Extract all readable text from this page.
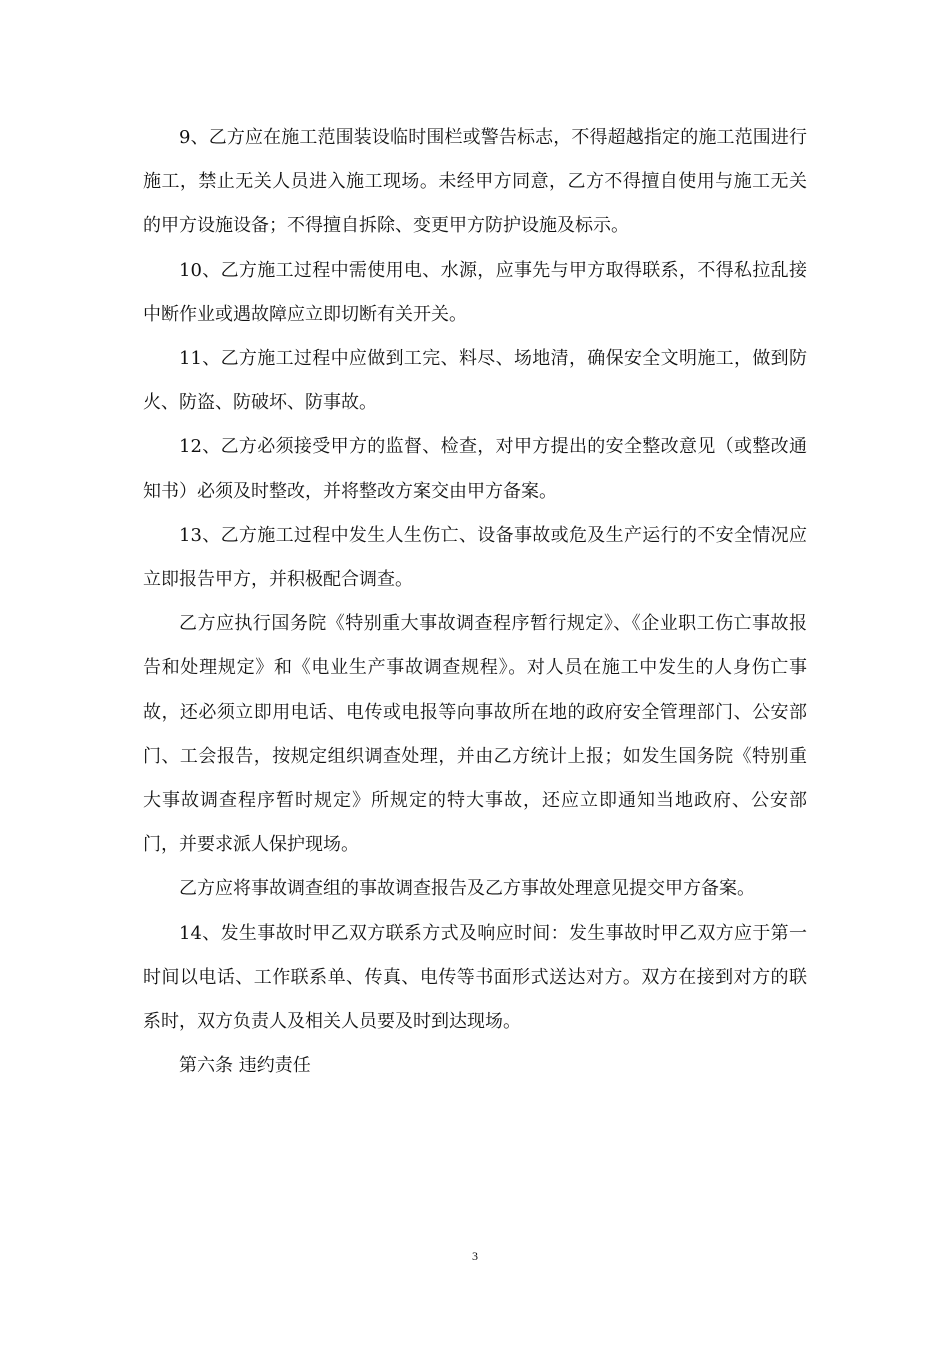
9、乙方应在施工范围装设临时围栏或警告标志，不得超越指定的施工范围进行施工，禁止无关人员进入施工现场。未经甲方同意，乙方不得擅自使用与施工无关的甲方设施设备；不得擅自拆除、变更甲方防护设施及标示。

10、乙方施工过程中需使用电、水源，应事先与甲方取得联系，不得私拉乱接中断作业或遇故障应立即切断有关开关。

11、乙方施工过程中应做到工完、料尽、场地清，确保安全文明施工，做到防火、防盗、防破坏、防事故。

12、乙方必须接受甲方的监督、检查，对甲方提出的安全整改意见（或整改通知书）必须及时整改，并将整改方案交由甲方备案。

13、乙方施工过程中发生人生伤亡、设备事故或危及生产运行的不安全情况应立即报告甲方，并积极配合调查。

乙方应执行国务院《特别重大事故调查程序暂行规定》、《企业职工伤亡事故报告和处理规定》和《电业生产事故调查规程》。对人员在施工中发生的人身伤亡事故，还必须立即用电话、电传或电报等向事故所在地的政府安全管理部门、公安部门、工会报告，按规定组织调查处理，并由乙方统计上报；如发生国务院《特别重大事故调查程序暂时规定》所规定的特大事故，还应立即通知当地政府、公安部门，并要求派人保护现场。

乙方应将事故调查组的事故调查报告及乙方事故处理意见提交甲方备案。

14、发生事故时甲乙双方联系方式及响应时间：发生事故时甲乙双方应于第一时间以电话、工作联系单、传真、电传等书面形式送达对方。双方在接到对方的联系时，双方负责人及相关人员要及时到达现场。

第六条 违约责任

3
